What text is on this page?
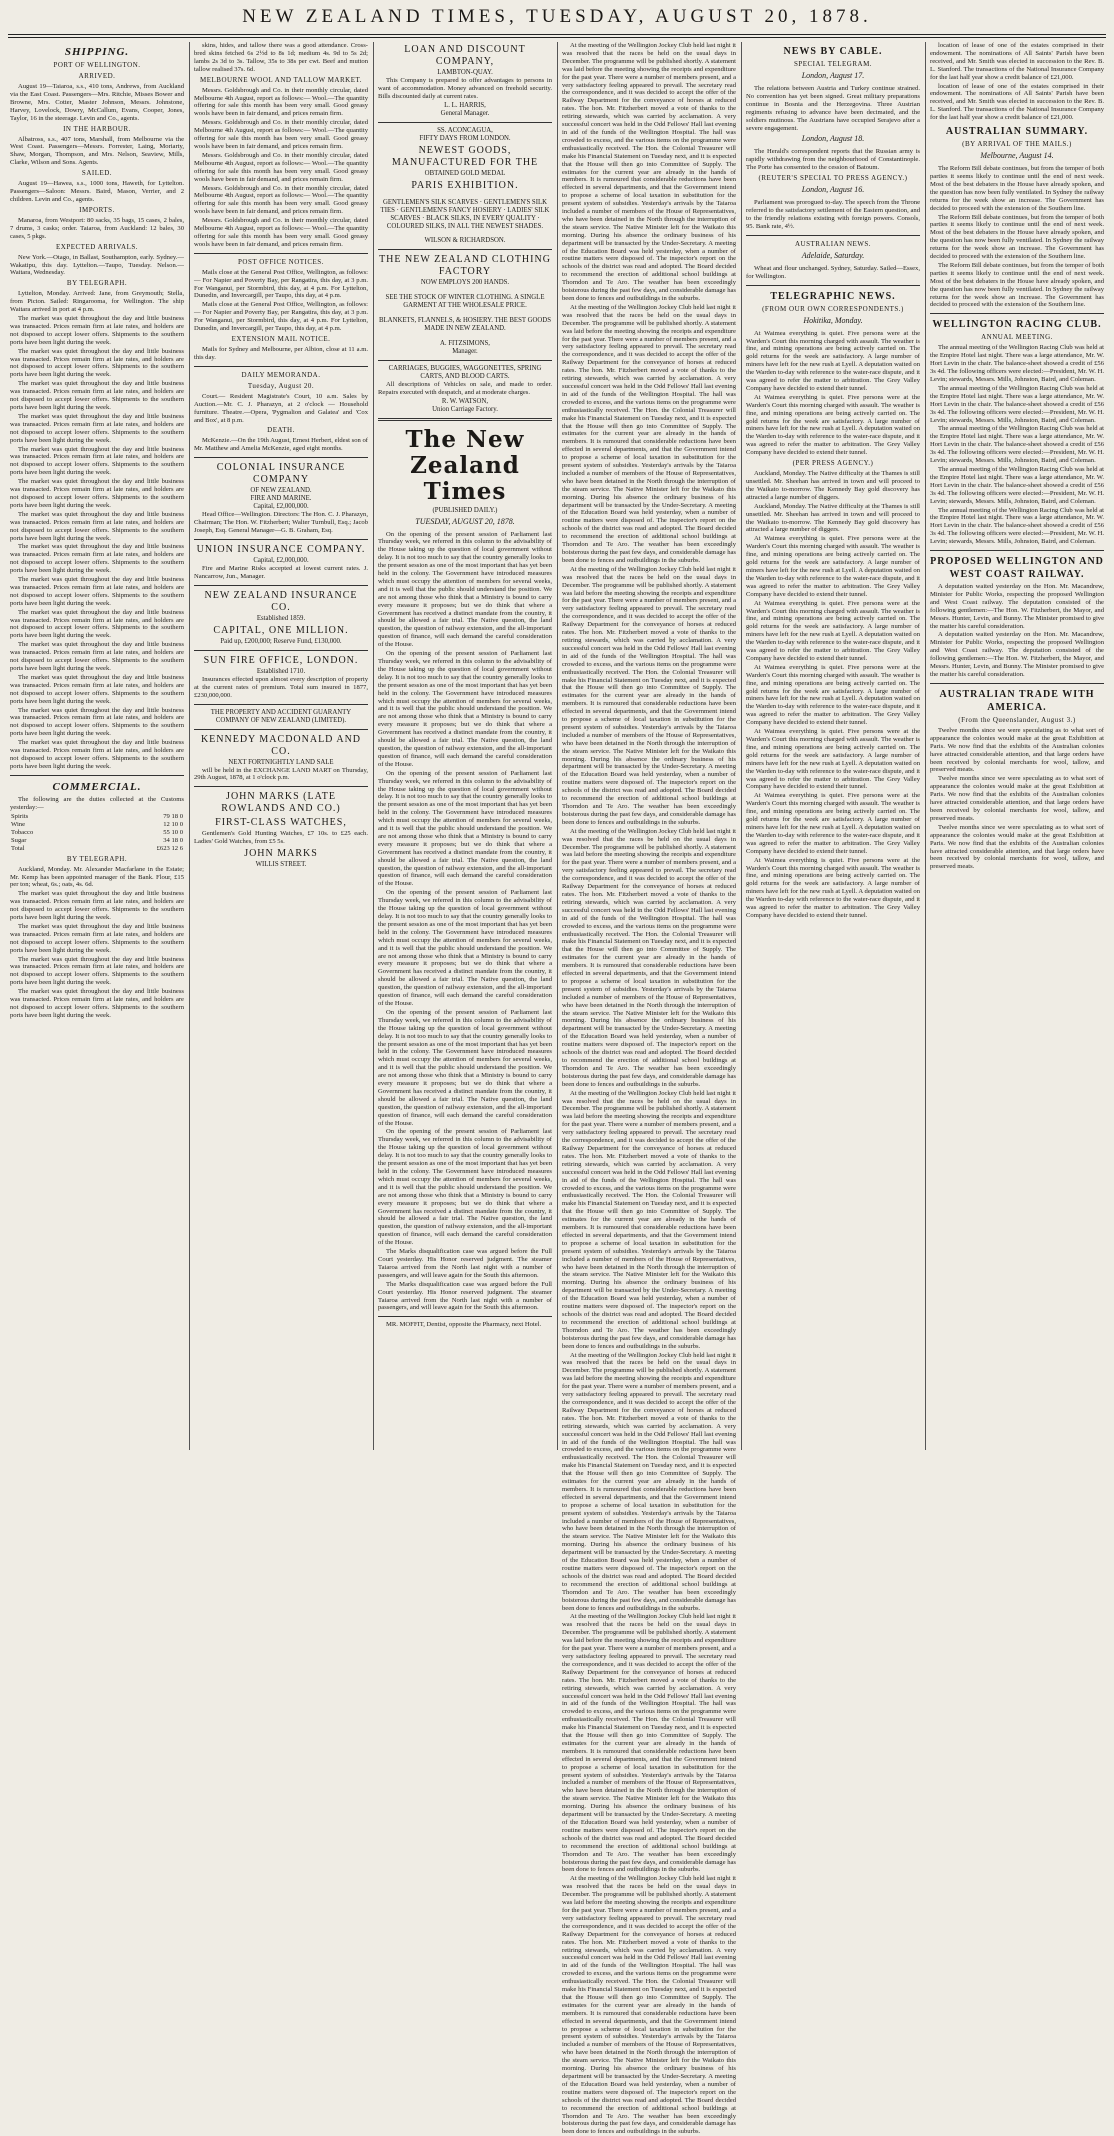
NEW ZEALAND TIMES, TUESDAY, AUGUST 20, 1878.
SHIPPING.
PORT OF WELLINGTON.
ARRIVED.

August 19—Taiaroa, s.s., 410 tons, Andrews, from Auckland via the East Coast. Passengers—Mrs. Ritchie, Misses Bower and Browne, Mrs. Cotter, Master Johnson, Messrs. Johnstone, Harvey, Lovelock, Dowry, McCallum, Evans, Cooper, Jones, Taylor, 16 in the steerage. Levin and Co., agents.

IN THE HARBOUR.

Albatross, s.s., 407 tons, Marshall, from Melbourne via the West Coast. Passengers—Messrs. Forrester, Laing, Moriarty, Shaw, Morgan, Thompson, and Mrs. Nelson, Seaview, Mills, Clarke, Wilson and Sons. Agents.

SAILED.

August 19—Hawea, s.s., 1000 tons, Haweth, for Lyttelton. Passengers—Saloon: Messrs. Baird, Mason, Verrier, and 2 children. Levin and Co., agents.

IMPORTS.

Manaroa, from Westport: 80 sacks, 35 bags, 15 cases, 2 bales, 7 drums, 3 casks; order. Taiaroa, from Auckland: 12 bales, 30 cases, 5 pkgs.

EXPECTED ARRIVALS.

New York.—Otago, in Ballast, Southampton, early. Sydney.—Wakatipu, this day. Lyttelton.—Taupo, Tuesday. Nelson.—Waitara, Wednesday.

BY TELEGRAPH.

Lyttelton, Monday. Arrived: Jane, from Greymouth; Stella, from Picton. Sailed: Ringarooma, for Wellington. The ship Waitara arrived in port at 4 p.m.

The market was quiet throughout the day and little business was transacted. Prices remain firm at late rates, and holders are not disposed to accept lower offers. Shipments to the southern ports have been light during the week.

The market was quiet throughout the day and little business was transacted. Prices remain firm at late rates, and holders are not disposed to accept lower offers. Shipments to the southern ports have been light during the week.

The market was quiet throughout the day and little business was transacted. Prices remain firm at late rates, and holders are not disposed to accept lower offers. Shipments to the southern ports have been light during the week.

The market was quiet throughout the day and little business was transacted. Prices remain firm at late rates, and holders are not disposed to accept lower offers. Shipments to the southern ports have been light during the week.

The market was quiet throughout the day and little business was transacted. Prices remain firm at late rates, and holders are not disposed to accept lower offers. Shipments to the southern ports have been light during the week.

The market was quiet throughout the day and little business was transacted. Prices remain firm at late rates, and holders are not disposed to accept lower offers. Shipments to the southern ports have been light during the week.

The market was quiet throughout the day and little business was transacted. Prices remain firm at late rates, and holders are not disposed to accept lower offers. Shipments to the southern ports have been light during the week.

The market was quiet throughout the day and little business was transacted. Prices remain firm at late rates, and holders are not disposed to accept lower offers. Shipments to the southern ports have been light during the week.

The market was quiet throughout the day and little business was transacted. Prices remain firm at late rates, and holders are not disposed to accept lower offers. Shipments to the southern ports have been light during the week.

The market was quiet throughout the day and little business was transacted. Prices remain firm at late rates, and holders are not disposed to accept lower offers. Shipments to the southern ports have been light during the week.

The market was quiet throughout the day and little business was transacted. Prices remain firm at late rates, and holders are not disposed to accept lower offers. Shipments to the southern ports have been light during the week.

The market was quiet throughout the day and little business was transacted. Prices remain firm at late rates, and holders are not disposed to accept lower offers. Shipments to the southern ports have been light during the week.

The market was quiet throughout the day and little business was transacted. Prices remain firm at late rates, and holders are not disposed to accept lower offers. Shipments to the southern ports have been light during the week.

The market was quiet throughout the day and little business was transacted. Prices remain firm at late rates, and holders are not disposed to accept lower offers. Shipments to the southern ports have been light during the week.

COMMERCIAL.

The following are the duties collected at the Customs yesterday:—

Spirits	79 18 0
Wine	12 10 0
Tobacco	55 10 0
Sugar	34 18 0
Total	£623 12 6
BY TELEGRAPH.

Auckland, Monday. Mr. Alexander Macfarlane in the Estate; Mr. Kemp has been appointed manager of the Bank. Flour, £15 per ton; wheat, 6s.; oats, 4s. 6d.

The market was quiet throughout the day and little business was transacted. Prices remain firm at late rates, and holders are not disposed to accept lower offers. Shipments to the southern ports have been light during the week.

The market was quiet throughout the day and little business was transacted. Prices remain firm at late rates, and holders are not disposed to accept lower offers. Shipments to the southern ports have been light during the week.

The market was quiet throughout the day and little business was transacted. Prices remain firm at late rates, and holders are not disposed to accept lower offers. Shipments to the southern ports have been light during the week.

The market was quiet throughout the day and little business was transacted. Prices remain firm at late rates, and holders are not disposed to accept lower offers. Shipments to the southern ports have been light during the week.

skins, hides, and tallow there was a good attendance. Cross-bred skins fetched 6s 2½d to 8s 1d; medium 4s. 9d to 5s 2d; lambs 2s 3d to 3s. Tallow, 35s to 38s per cwt. Beef and mutton tallow realised 37s. 6d.

MELBOURNE WOOL AND TALLOW MARKET.

Messrs. Goldsbrough and Co. in their monthly circular, dated Melbourne 4th August, report as follows:— Wool.—The quantity offering for sale this month has been very small. Good greasy wools have been in fair demand, and prices remain firm.

Messrs. Goldsbrough and Co. in their monthly circular, dated Melbourne 4th August, report as follows:— Wool.—The quantity offering for sale this month has been very small. Good greasy wools have been in fair demand, and prices remain firm.

Messrs. Goldsbrough and Co. in their monthly circular, dated Melbourne 4th August, report as follows:— Wool.—The quantity offering for sale this month has been very small. Good greasy wools have been in fair demand, and prices remain firm.

Messrs. Goldsbrough and Co. in their monthly circular, dated Melbourne 4th August, report as follows:— Wool.—The quantity offering for sale this month has been very small. Good greasy wools have been in fair demand, and prices remain firm.

Messrs. Goldsbrough and Co. in their monthly circular, dated Melbourne 4th August, report as follows:— Wool.—The quantity offering for sale this month has been very small. Good greasy wools have been in fair demand, and prices remain firm.

POST OFFICE NOTICES.

Mails close at the General Post Office, Wellington, as follows:— For Napier and Poverty Bay, per Rangatira, this day, at 3 p.m. For Wanganui, per Stormbird, this day, at 4 p.m. For Lyttelton, Dunedin, and Invercargill, per Taupo, this day, at 4 p.m.

Mails close at the General Post Office, Wellington, as follows:— For Napier and Poverty Bay, per Rangatira, this day, at 3 p.m. For Wanganui, per Stormbird, this day, at 4 p.m. For Lyttelton, Dunedin, and Invercargill, per Taupo, this day, at 4 p.m.

EXTENSION MAIL NOTICE.

Mails for Sydney and Melbourne, per Albion, close at 11 a.m. this day.

DAILY MEMORANDA.
Tuesday, August 20.

Court.— Resident Magistrate's Court, 10 a.m. Sales by Auction.—Mr. C. J. Pharazyn, at 2 o'clock — Household furniture. Theatre.—Opera, 'Pygmalion and Galatea' and 'Cox and Box', at 8 p.m.

DEATH.

McKenzie.—On the 19th August, Ernest Herbert, eldest son of Mr. Matthew and Amelia McKenzie, aged eight months.

COLONIAL INSURANCE COMPANY
OF NEW ZEALAND.
FIRE AND MARINE.
Capital, £2,000,000.

Head Office—Wellington. Directors: The Hon. C. J. Pharazyn, Chairman; The Hon. W. Fitzherbert; Walter Turnbull, Esq.; Jacob Joseph, Esq. General Manager—G. B. Graham, Esq.

UNION INSURANCE COMPANY.
Capital, £2,000,000.

Fire and Marine Risks accepted at lowest current rates. J. Nancarrow, Jun., Manager.

NEW ZEALAND INSURANCE CO.
Established 1859.
CAPITAL, ONE MILLION.
Paid up, £200,000; Reserve Fund, £130,000.
SUN FIRE OFFICE, LONDON.
Established 1710.

Insurances effected upon almost every description of property at the current rates of premium. Total sum insured in 1877, £230,000,000.

THE PROPERTY AND ACCIDENT GUARANTY COMPANY OF NEW ZEALAND (LIMITED).
KENNEDY MACDONALD AND CO.
NEXT FORTNIGHTLY LAND SALE

will be held in the EXCHANGE LAND MART on Thursday, 29th August, 1878, at 1 o'clock p.m.

JOHN MARKS (LATE ROWLANDS AND CO.)
FIRST-CLASS WATCHES,

Gentlemen's Gold Hunting Watches, £7 10s. to £25 each. Ladies' Gold Watches, from £5 5s.

JOHN MARKS
WILLIS STREET.
LOAN AND DISCOUNT COMPANY,
LAMBTON-QUAY.

This Company is prepared to offer advantages to persons in want of accommodation. Money advanced on freehold security. Bills discounted daily at current rates.

L. L. HARRIS,
General Manager.
SS. ACONCAGUA,
FIFTY DAYS FROM LONDON.
NEWEST GOODS, MANUFACTURED FOR THE
OBTAINED GOLD MEDAL
PARIS EXHIBITION.

GENTLEMEN'S SILK SCARVES · GENTLEMEN'S SILK TIES · GENTLEMEN'S FANCY HOSIERY · LADIES' SILK SCARVES · BLACK SILKS, IN EVERY QUALITY · COLOURED SILKS, IN ALL THE NEWEST SHADES.

WILSON & RICHARDSON.
THE NEW ZEALAND CLOTHING FACTORY
NOW EMPLOYS 200 HANDS.

SEE THE STOCK OF WINTER CLOTHING. A SINGLE GARMENT AT THE WHOLESALE PRICE.

BLANKETS, FLANNELS, & HOSIERY. THE BEST GOODS MADE IN NEW ZEALAND.

A. FITZSIMONS,
Manager.
CARRIAGES, BUGGIES, WAGGONETTES, SPRING CARTS, AND BLOOD CARTS.

All descriptions of Vehicles on sale, and made to order. Repairs executed with despatch, and at moderate charges.

R. W. WATSON,
Union Carriage Factory.
The New Zealand Times
(PUBLISHED DAILY.)
TUESDAY, AUGUST 20, 1878.

On the opening of the present session of Parliament last Thursday week, we referred in this column to the advisability of the House taking up the question of local government without delay. It is not too much to say that the country generally looks to the present session as one of the most important that has yet been held in the colony. The Government have introduced measures which must occupy the attention of members for several weeks, and it is well that the public should understand the position. We are not among those who think that a Ministry is bound to carry every measure it proposes; but we do think that where a Government has received a distinct mandate from the country, it should be allowed a fair trial. The Native question, the land question, the question of railway extension, and the all-important question of finance, will each demand the careful consideration of the House.

On the opening of the present session of Parliament last Thursday week, we referred in this column to the advisability of the House taking up the question of local government without delay. It is not too much to say that the country generally looks to the present session as one of the most important that has yet been held in the colony. The Government have introduced measures which must occupy the attention of members for several weeks, and it is well that the public should understand the position. We are not among those who think that a Ministry is bound to carry every measure it proposes; but we do think that where a Government has received a distinct mandate from the country, it should be allowed a fair trial. The Native question, the land question, the question of railway extension, and the all-important question of finance, will each demand the careful consideration of the House.

On the opening of the present session of Parliament last Thursday week, we referred in this column to the advisability of the House taking up the question of local government without delay. It is not too much to say that the country generally looks to the present session as one of the most important that has yet been held in the colony. The Government have introduced measures which must occupy the attention of members for several weeks, and it is well that the public should understand the position. We are not among those who think that a Ministry is bound to carry every measure it proposes; but we do think that where a Government has received a distinct mandate from the country, it should be allowed a fair trial. The Native question, the land question, the question of railway extension, and the all-important question of finance, will each demand the careful consideration of the House.

On the opening of the present session of Parliament last Thursday week, we referred in this column to the advisability of the House taking up the question of local government without delay. It is not too much to say that the country generally looks to the present session as one of the most important that has yet been held in the colony. The Government have introduced measures which must occupy the attention of members for several weeks, and it is well that the public should understand the position. We are not among those who think that a Ministry is bound to carry every measure it proposes; but we do think that where a Government has received a distinct mandate from the country, it should be allowed a fair trial. The Native question, the land question, the question of railway extension, and the all-important question of finance, will each demand the careful consideration of the House.

On the opening of the present session of Parliament last Thursday week, we referred in this column to the advisability of the House taking up the question of local government without delay. It is not too much to say that the country generally looks to the present session as one of the most important that has yet been held in the colony. The Government have introduced measures which must occupy the attention of members for several weeks, and it is well that the public should understand the position. We are not among those who think that a Ministry is bound to carry every measure it proposes; but we do think that where a Government has received a distinct mandate from the country, it should be allowed a fair trial. The Native question, the land question, the question of railway extension, and the all-important question of finance, will each demand the careful consideration of the House.

On the opening of the present session of Parliament last Thursday week, we referred in this column to the advisability of the House taking up the question of local government without delay. It is not too much to say that the country generally looks to the present session as one of the most important that has yet been held in the colony. The Government have introduced measures which must occupy the attention of members for several weeks, and it is well that the public should understand the position. We are not among those who think that a Ministry is bound to carry every measure it proposes; but we do think that where a Government has received a distinct mandate from the country, it should be allowed a fair trial. The Native question, the land question, the question of railway extension, and the all-important question of finance, will each demand the careful consideration of the House.

The Marks disqualification case was argued before the Full Court yesterday. His Honor reserved judgment. The steamer Taiaroa arrived from the North last night with a number of passengers, and will leave again for the South this afternoon.

The Marks disqualification case was argued before the Full Court yesterday. His Honor reserved judgment. The steamer Taiaroa arrived from the North last night with a number of passengers, and will leave again for the South this afternoon.

MR. MOFFIT, Dentist, opposite the Pharmacy, next Hotel.

At the meeting of the Wellington Jockey Club held last night it was resolved that the races be held on the usual days in December. The programme will be published shortly. A statement was laid before the meeting showing the receipts and expenditure for the past year. There were a number of members present, and a very satisfactory feeling appeared to prevail. The secretary read the correspondence, and it was decided to accept the offer of the Railway Department for the conveyance of horses at reduced rates. The hon. Mr. Fitzherbert moved a vote of thanks to the retiring stewards, which was carried by acclamation. A very successful concert was held in the Odd Fellows' Hall last evening in aid of the funds of the Wellington Hospital. The hall was crowded to excess, and the various items on the programme were enthusiastically received. The Hon. the Colonial Treasurer will make his Financial Statement on Tuesday next, and it is expected that the House will then go into Committee of Supply. The estimates for the current year are already in the hands of members. It is rumoured that considerable reductions have been effected in several departments, and that the Government intend to propose a scheme of local taxation in substitution for the present system of subsidies. Yesterday's arrivals by the Taiaroa included a number of members of the House of Representatives, who have been detained in the North through the interruption of the steam service. The Native Minister left for the Waikato this morning. During his absence the ordinary business of his department will be transacted by the Under-Secretary. A meeting of the Education Board was held yesterday, when a number of routine matters were disposed of. The inspector's report on the schools of the district was read and adopted. The Board decided to recommend the erection of additional school buildings at Thorndon and Te Aro. The weather has been exceedingly boisterous during the past few days, and considerable damage has been done to fences and outbuildings in the suburbs.

At the meeting of the Wellington Jockey Club held last night it was resolved that the races be held on the usual days in December. The programme will be published shortly. A statement was laid before the meeting showing the receipts and expenditure for the past year. There were a number of members present, and a very satisfactory feeling appeared to prevail. The secretary read the correspondence, and it was decided to accept the offer of the Railway Department for the conveyance of horses at reduced rates. The hon. Mr. Fitzherbert moved a vote of thanks to the retiring stewards, which was carried by acclamation. A very successful concert was held in the Odd Fellows' Hall last evening in aid of the funds of the Wellington Hospital. The hall was crowded to excess, and the various items on the programme were enthusiastically received. The Hon. the Colonial Treasurer will make his Financial Statement on Tuesday next, and it is expected that the House will then go into Committee of Supply. The estimates for the current year are already in the hands of members. It is rumoured that considerable reductions have been effected in several departments, and that the Government intend to propose a scheme of local taxation in substitution for the present system of subsidies. Yesterday's arrivals by the Taiaroa included a number of members of the House of Representatives, who have been detained in the North through the interruption of the steam service. The Native Minister left for the Waikato this morning. During his absence the ordinary business of his department will be transacted by the Under-Secretary. A meeting of the Education Board was held yesterday, when a number of routine matters were disposed of. The inspector's report on the schools of the district was read and adopted. The Board decided to recommend the erection of additional school buildings at Thorndon and Te Aro. The weather has been exceedingly boisterous during the past few days, and considerable damage has been done to fences and outbuildings in the suburbs.

At the meeting of the Wellington Jockey Club held last night it was resolved that the races be held on the usual days in December. The programme will be published shortly. A statement was laid before the meeting showing the receipts and expenditure for the past year. There were a number of members present, and a very satisfactory feeling appeared to prevail. The secretary read the correspondence, and it was decided to accept the offer of the Railway Department for the conveyance of horses at reduced rates. The hon. Mr. Fitzherbert moved a vote of thanks to the retiring stewards, which was carried by acclamation. A very successful concert was held in the Odd Fellows' Hall last evening in aid of the funds of the Wellington Hospital. The hall was crowded to excess, and the various items on the programme were enthusiastically received. The Hon. the Colonial Treasurer will make his Financial Statement on Tuesday next, and it is expected that the House will then go into Committee of Supply. The estimates for the current year are already in the hands of members. It is rumoured that considerable reductions have been effected in several departments, and that the Government intend to propose a scheme of local taxation in substitution for the present system of subsidies. Yesterday's arrivals by the Taiaroa included a number of members of the House of Representatives, who have been detained in the North through the interruption of the steam service. The Native Minister left for the Waikato this morning. During his absence the ordinary business of his department will be transacted by the Under-Secretary. A meeting of the Education Board was held yesterday, when a number of routine matters were disposed of. The inspector's report on the schools of the district was read and adopted. The Board decided to recommend the erection of additional school buildings at Thorndon and Te Aro. The weather has been exceedingly boisterous during the past few days, and considerable damage has been done to fences and outbuildings in the suburbs.

At the meeting of the Wellington Jockey Club held last night it was resolved that the races be held on the usual days in December. The programme will be published shortly. A statement was laid before the meeting showing the receipts and expenditure for the past year. There were a number of members present, and a very satisfactory feeling appeared to prevail. The secretary read the correspondence, and it was decided to accept the offer of the Railway Department for the conveyance of horses at reduced rates. The hon. Mr. Fitzherbert moved a vote of thanks to the retiring stewards, which was carried by acclamation. A very successful concert was held in the Odd Fellows' Hall last evening in aid of the funds of the Wellington Hospital. The hall was crowded to excess, and the various items on the programme were enthusiastically received. The Hon. the Colonial Treasurer will make his Financial Statement on Tuesday next, and it is expected that the House will then go into Committee of Supply. The estimates for the current year are already in the hands of members. It is rumoured that considerable reductions have been effected in several departments, and that the Government intend to propose a scheme of local taxation in substitution for the present system of subsidies. Yesterday's arrivals by the Taiaroa included a number of members of the House of Representatives, who have been detained in the North through the interruption of the steam service. The Native Minister left for the Waikato this morning. During his absence the ordinary business of his department will be transacted by the Under-Secretary. A meeting of the Education Board was held yesterday, when a number of routine matters were disposed of. The inspector's report on the schools of the district was read and adopted. The Board decided to recommend the erection of additional school buildings at Thorndon and Te Aro. The weather has been exceedingly boisterous during the past few days, and considerable damage has been done to fences and outbuildings in the suburbs.

At the meeting of the Wellington Jockey Club held last night it was resolved that the races be held on the usual days in December. The programme will be published shortly. A statement was laid before the meeting showing the receipts and expenditure for the past year. There were a number of members present, and a very satisfactory feeling appeared to prevail. The secretary read the correspondence, and it was decided to accept the offer of the Railway Department for the conveyance of horses at reduced rates. The hon. Mr. Fitzherbert moved a vote of thanks to the retiring stewards, which was carried by acclamation. A very successful concert was held in the Odd Fellows' Hall last evening in aid of the funds of the Wellington Hospital. The hall was crowded to excess, and the various items on the programme were enthusiastically received. The Hon. the Colonial Treasurer will make his Financial Statement on Tuesday next, and it is expected that the House will then go into Committee of Supply. The estimates for the current year are already in the hands of members. It is rumoured that considerable reductions have been effected in several departments, and that the Government intend to propose a scheme of local taxation in substitution for the present system of subsidies. Yesterday's arrivals by the Taiaroa included a number of members of the House of Representatives, who have been detained in the North through the interruption of the steam service. The Native Minister left for the Waikato this morning. During his absence the ordinary business of his department will be transacted by the Under-Secretary. A meeting of the Education Board was held yesterday, when a number of routine matters were disposed of. The inspector's report on the schools of the district was read and adopted. The Board decided to recommend the erection of additional school buildings at Thorndon and Te Aro. The weather has been exceedingly boisterous during the past few days, and considerable damage has been done to fences and outbuildings in the suburbs.

At the meeting of the Wellington Jockey Club held last night it was resolved that the races be held on the usual days in December. The programme will be published shortly. A statement was laid before the meeting showing the receipts and expenditure for the past year. There were a number of members present, and a very satisfactory feeling appeared to prevail. The secretary read the correspondence, and it was decided to accept the offer of the Railway Department for the conveyance of horses at reduced rates. The hon. Mr. Fitzherbert moved a vote of thanks to the retiring stewards, which was carried by acclamation. A very successful concert was held in the Odd Fellows' Hall last evening in aid of the funds of the Wellington Hospital. The hall was crowded to excess, and the various items on the programme were enthusiastically received. The Hon. the Colonial Treasurer will make his Financial Statement on Tuesday next, and it is expected that the House will then go into Committee of Supply. The estimates for the current year are already in the hands of members. It is rumoured that considerable reductions have been effected in several departments, and that the Government intend to propose a scheme of local taxation in substitution for the present system of subsidies. Yesterday's arrivals by the Taiaroa included a number of members of the House of Representatives, who have been detained in the North through the interruption of the steam service. The Native Minister left for the Waikato this morning. During his absence the ordinary business of his department will be transacted by the Under-Secretary. A meeting of the Education Board was held yesterday, when a number of routine matters were disposed of. The inspector's report on the schools of the district was read and adopted. The Board decided to recommend the erection of additional school buildings at Thorndon and Te Aro. The weather has been exceedingly boisterous during the past few days, and considerable damage has been done to fences and outbuildings in the suburbs.

At the meeting of the Wellington Jockey Club held last night it was resolved that the races be held on the usual days in December. The programme will be published shortly. A statement was laid before the meeting showing the receipts and expenditure for the past year. There were a number of members present, and a very satisfactory feeling appeared to prevail. The secretary read the correspondence, and it was decided to accept the offer of the Railway Department for the conveyance of horses at reduced rates. The hon. Mr. Fitzherbert moved a vote of thanks to the retiring stewards, which was carried by acclamation. A very successful concert was held in the Odd Fellows' Hall last evening in aid of the funds of the Wellington Hospital. The hall was crowded to excess, and the various items on the programme were enthusiastically received. The Hon. the Colonial Treasurer will make his Financial Statement on Tuesday next, and it is expected that the House will then go into Committee of Supply. The estimates for the current year are already in the hands of members. It is rumoured that considerable reductions have been effected in several departments, and that the Government intend to propose a scheme of local taxation in substitution for the present system of subsidies. Yesterday's arrivals by the Taiaroa included a number of members of the House of Representatives, who have been detained in the North through the interruption of the steam service. The Native Minister left for the Waikato this morning. During his absence the ordinary business of his department will be transacted by the Under-Secretary. A meeting of the Education Board was held yesterday, when a number of routine matters were disposed of. The inspector's report on the schools of the district was read and adopted. The Board decided to recommend the erection of additional school buildings at Thorndon and Te Aro. The weather has been exceedingly boisterous during the past few days, and considerable damage has been done to fences and outbuildings in the suburbs.

At the meeting of the Wellington Jockey Club held last night it was resolved that the races be held on the usual days in December. The programme will be published shortly. A statement was laid before the meeting showing the receipts and expenditure for the past year. There were a number of members present, and a very satisfactory feeling appeared to prevail. The secretary read the correspondence, and it was decided to accept the offer of the Railway Department for the conveyance of horses at reduced rates. The hon. Mr. Fitzherbert moved a vote of thanks to the retiring stewards, which was carried by acclamation. A very successful concert was held in the Odd Fellows' Hall last evening in aid of the funds of the Wellington Hospital. The hall was crowded to excess, and the various items on the programme were enthusiastically received. The Hon. the Colonial Treasurer will make his Financial Statement on Tuesday next, and it is expected that the House will then go into Committee of Supply. The estimates for the current year are already in the hands of members. It is rumoured that considerable reductions have been effected in several departments, and that the Government intend to propose a scheme of local taxation in substitution for the present system of subsidies. Yesterday's arrivals by the Taiaroa included a number of members of the House of Representatives, who have been detained in the North through the interruption of the steam service. The Native Minister left for the Waikato this morning. During his absence the ordinary business of his department will be transacted by the Under-Secretary. A meeting of the Education Board was held yesterday, when a number of routine matters were disposed of. The inspector's report on the schools of the district was read and adopted. The Board decided to recommend the erection of additional school buildings at Thorndon and Te Aro. The weather has been exceedingly boisterous during the past few days, and considerable damage has been done to fences and outbuildings in the suburbs.

NEWS BY CABLE.
SPECIAL TELEGRAM.
London, August 17.

The relations between Austria and Turkey continue strained. No convention has yet been signed. Great military preparations continue in Bosnia and the Herzegovina. Three Austrian regiments refusing to advance have been decimated, and the soldiers mutinous. The Austrians have occupied Serajevo after a severe engagement.

London, August 18.

The Herald's correspondent reports that the Russian army is rapidly withdrawing from the neighbourhood of Constantinople. The Porte has consented to the cession of Batoum.

(REUTER'S SPECIAL TO PRESS AGENCY.)
London, August 16.

Parliament was prorogued to-day. The speech from the Throne referred to the satisfactory settlement of the Eastern question, and to the friendly relations existing with foreign powers. Consols, 95. Bank rate, 4½.

AUSTRALIAN NEWS.
Adelaide, Saturday.

Wheat and flour unchanged. Sydney, Saturday. Sailed—Essex, for Wellington.

TELEGRAPHIC NEWS.
(FROM OUR OWN CORRESPONDENTS.)
Hokitika, Monday.

At Waimea everything is quiet. Five persons were at the Warden's Court this morning charged with assault. The weather is fine, and mining operations are being actively carried on. The gold returns for the week are satisfactory. A large number of miners have left for the new rush at Lyell. A deputation waited on the Warden to-day with reference to the water-race dispute, and it was agreed to refer the matter to arbitration. The Grey Valley Company have decided to extend their tunnel.

At Waimea everything is quiet. Five persons were at the Warden's Court this morning charged with assault. The weather is fine, and mining operations are being actively carried on. The gold returns for the week are satisfactory. A large number of miners have left for the new rush at Lyell. A deputation waited on the Warden to-day with reference to the water-race dispute, and it was agreed to refer the matter to arbitration. The Grey Valley Company have decided to extend their tunnel.

(PER PRESS AGENCY.)

Auckland, Monday. The Native difficulty at the Thames is still unsettled. Mr. Sheehan has arrived in town and will proceed to the Waikato to-morrow. The Kennedy Bay gold discovery has attracted a large number of diggers.

Auckland, Monday. The Native difficulty at the Thames is still unsettled. Mr. Sheehan has arrived in town and will proceed to the Waikato to-morrow. The Kennedy Bay gold discovery has attracted a large number of diggers.

At Waimea everything is quiet. Five persons were at the Warden's Court this morning charged with assault. The weather is fine, and mining operations are being actively carried on. The gold returns for the week are satisfactory. A large number of miners have left for the new rush at Lyell. A deputation waited on the Warden to-day with reference to the water-race dispute, and it was agreed to refer the matter to arbitration. The Grey Valley Company have decided to extend their tunnel.

At Waimea everything is quiet. Five persons were at the Warden's Court this morning charged with assault. The weather is fine, and mining operations are being actively carried on. The gold returns for the week are satisfactory. A large number of miners have left for the new rush at Lyell. A deputation waited on the Warden to-day with reference to the water-race dispute, and it was agreed to refer the matter to arbitration. The Grey Valley Company have decided to extend their tunnel.

At Waimea everything is quiet. Five persons were at the Warden's Court this morning charged with assault. The weather is fine, and mining operations are being actively carried on. The gold returns for the week are satisfactory. A large number of miners have left for the new rush at Lyell. A deputation waited on the Warden to-day with reference to the water-race dispute, and it was agreed to refer the matter to arbitration. The Grey Valley Company have decided to extend their tunnel.

At Waimea everything is quiet. Five persons were at the Warden's Court this morning charged with assault. The weather is fine, and mining operations are being actively carried on. The gold returns for the week are satisfactory. A large number of miners have left for the new rush at Lyell. A deputation waited on the Warden to-day with reference to the water-race dispute, and it was agreed to refer the matter to arbitration. The Grey Valley Company have decided to extend their tunnel.

At Waimea everything is quiet. Five persons were at the Warden's Court this morning charged with assault. The weather is fine, and mining operations are being actively carried on. The gold returns for the week are satisfactory. A large number of miners have left for the new rush at Lyell. A deputation waited on the Warden to-day with reference to the water-race dispute, and it was agreed to refer the matter to arbitration. The Grey Valley Company have decided to extend their tunnel.

At Waimea everything is quiet. Five persons were at the Warden's Court this morning charged with assault. The weather is fine, and mining operations are being actively carried on. The gold returns for the week are satisfactory. A large number of miners have left for the new rush at Lyell. A deputation waited on the Warden to-day with reference to the water-race dispute, and it was agreed to refer the matter to arbitration. The Grey Valley Company have decided to extend their tunnel.

location of lease of one of the estates comprised in their endowment. The nominations of All Saints' Parish have been received, and Mr. Smith was elected in succession to the Rev. B. L. Stanford. The transactions of the National Insurance Company for the last half year show a credit balance of £21,000.

location of lease of one of the estates comprised in their endowment. The nominations of All Saints' Parish have been received, and Mr. Smith was elected in succession to the Rev. B. L. Stanford. The transactions of the National Insurance Company for the last half year show a credit balance of £21,000.

AUSTRALIAN SUMMARY.
(BY ARRIVAL OF THE MAILS.)
Melbourne, August 14.

The Reform Bill debate continues, but from the temper of both parties it seems likely to continue until the end of next week. Most of the best debaters in the House have already spoken, and the question has now been fully ventilated. In Sydney the railway returns for the week show an increase. The Government has decided to proceed with the extension of the Southern line.

The Reform Bill debate continues, but from the temper of both parties it seems likely to continue until the end of next week. Most of the best debaters in the House have already spoken, and the question has now been fully ventilated. In Sydney the railway returns for the week show an increase. The Government has decided to proceed with the extension of the Southern line.

The Reform Bill debate continues, but from the temper of both parties it seems likely to continue until the end of next week. Most of the best debaters in the House have already spoken, and the question has now been fully ventilated. In Sydney the railway returns for the week show an increase. The Government has decided to proceed with the extension of the Southern line.

WELLINGTON RACING CLUB.
ANNUAL MEETING.

The annual meeting of the Wellington Racing Club was held at the Empire Hotel last night. There was a large attendance, Mr. W. Hort Levin in the chair. The balance-sheet showed a credit of £56 3s 4d. The following officers were elected:—President, Mr. W. H. Levin; stewards, Messrs. Mills, Johnston, Baird, and Coleman.

The annual meeting of the Wellington Racing Club was held at the Empire Hotel last night. There was a large attendance, Mr. W. Hort Levin in the chair. The balance-sheet showed a credit of £56 3s 4d. The following officers were elected:—President, Mr. W. H. Levin; stewards, Messrs. Mills, Johnston, Baird, and Coleman.

The annual meeting of the Wellington Racing Club was held at the Empire Hotel last night. There was a large attendance, Mr. W. Hort Levin in the chair. The balance-sheet showed a credit of £56 3s 4d. The following officers were elected:—President, Mr. W. H. Levin; stewards, Messrs. Mills, Johnston, Baird, and Coleman.

The annual meeting of the Wellington Racing Club was held at the Empire Hotel last night. There was a large attendance, Mr. W. Hort Levin in the chair. The balance-sheet showed a credit of £56 3s 4d. The following officers were elected:—President, Mr. W. H. Levin; stewards, Messrs. Mills, Johnston, Baird, and Coleman.

The annual meeting of the Wellington Racing Club was held at the Empire Hotel last night. There was a large attendance, Mr. W. Hort Levin in the chair. The balance-sheet showed a credit of £56 3s 4d. The following officers were elected:—President, Mr. W. H. Levin; stewards, Messrs. Mills, Johnston, Baird, and Coleman.

PROPOSED WELLINGTON AND WEST COAST RAILWAY.

A deputation waited yesterday on the Hon. Mr. Macandrew, Minister for Public Works, respecting the proposed Wellington and West Coast railway. The deputation consisted of the following gentlemen:—The Hon. W. Fitzherbert, the Mayor, and Messrs. Hunter, Levin, and Bunny. The Minister promised to give the matter his careful consideration.

A deputation waited yesterday on the Hon. Mr. Macandrew, Minister for Public Works, respecting the proposed Wellington and West Coast railway. The deputation consisted of the following gentlemen:—The Hon. W. Fitzherbert, the Mayor, and Messrs. Hunter, Levin, and Bunny. The Minister promised to give the matter his careful consideration.

AUSTRALIAN TRADE WITH AMERICA.
(From the Queenslander, August 3.)

Twelve months since we were speculating as to what sort of appearance the colonies would make at the great Exhibition at Paris. We now find that the exhibits of the Australian colonies have attracted considerable attention, and that large orders have been received by colonial merchants for wool, tallow, and preserved meats.

Twelve months since we were speculating as to what sort of appearance the colonies would make at the great Exhibition at Paris. We now find that the exhibits of the Australian colonies have attracted considerable attention, and that large orders have been received by colonial merchants for wool, tallow, and preserved meats.

Twelve months since we were speculating as to what sort of appearance the colonies would make at the great Exhibition at Paris. We now find that the exhibits of the Australian colonies have attracted considerable attention, and that large orders have been received by colonial merchants for wool, tallow, and preserved meats.
